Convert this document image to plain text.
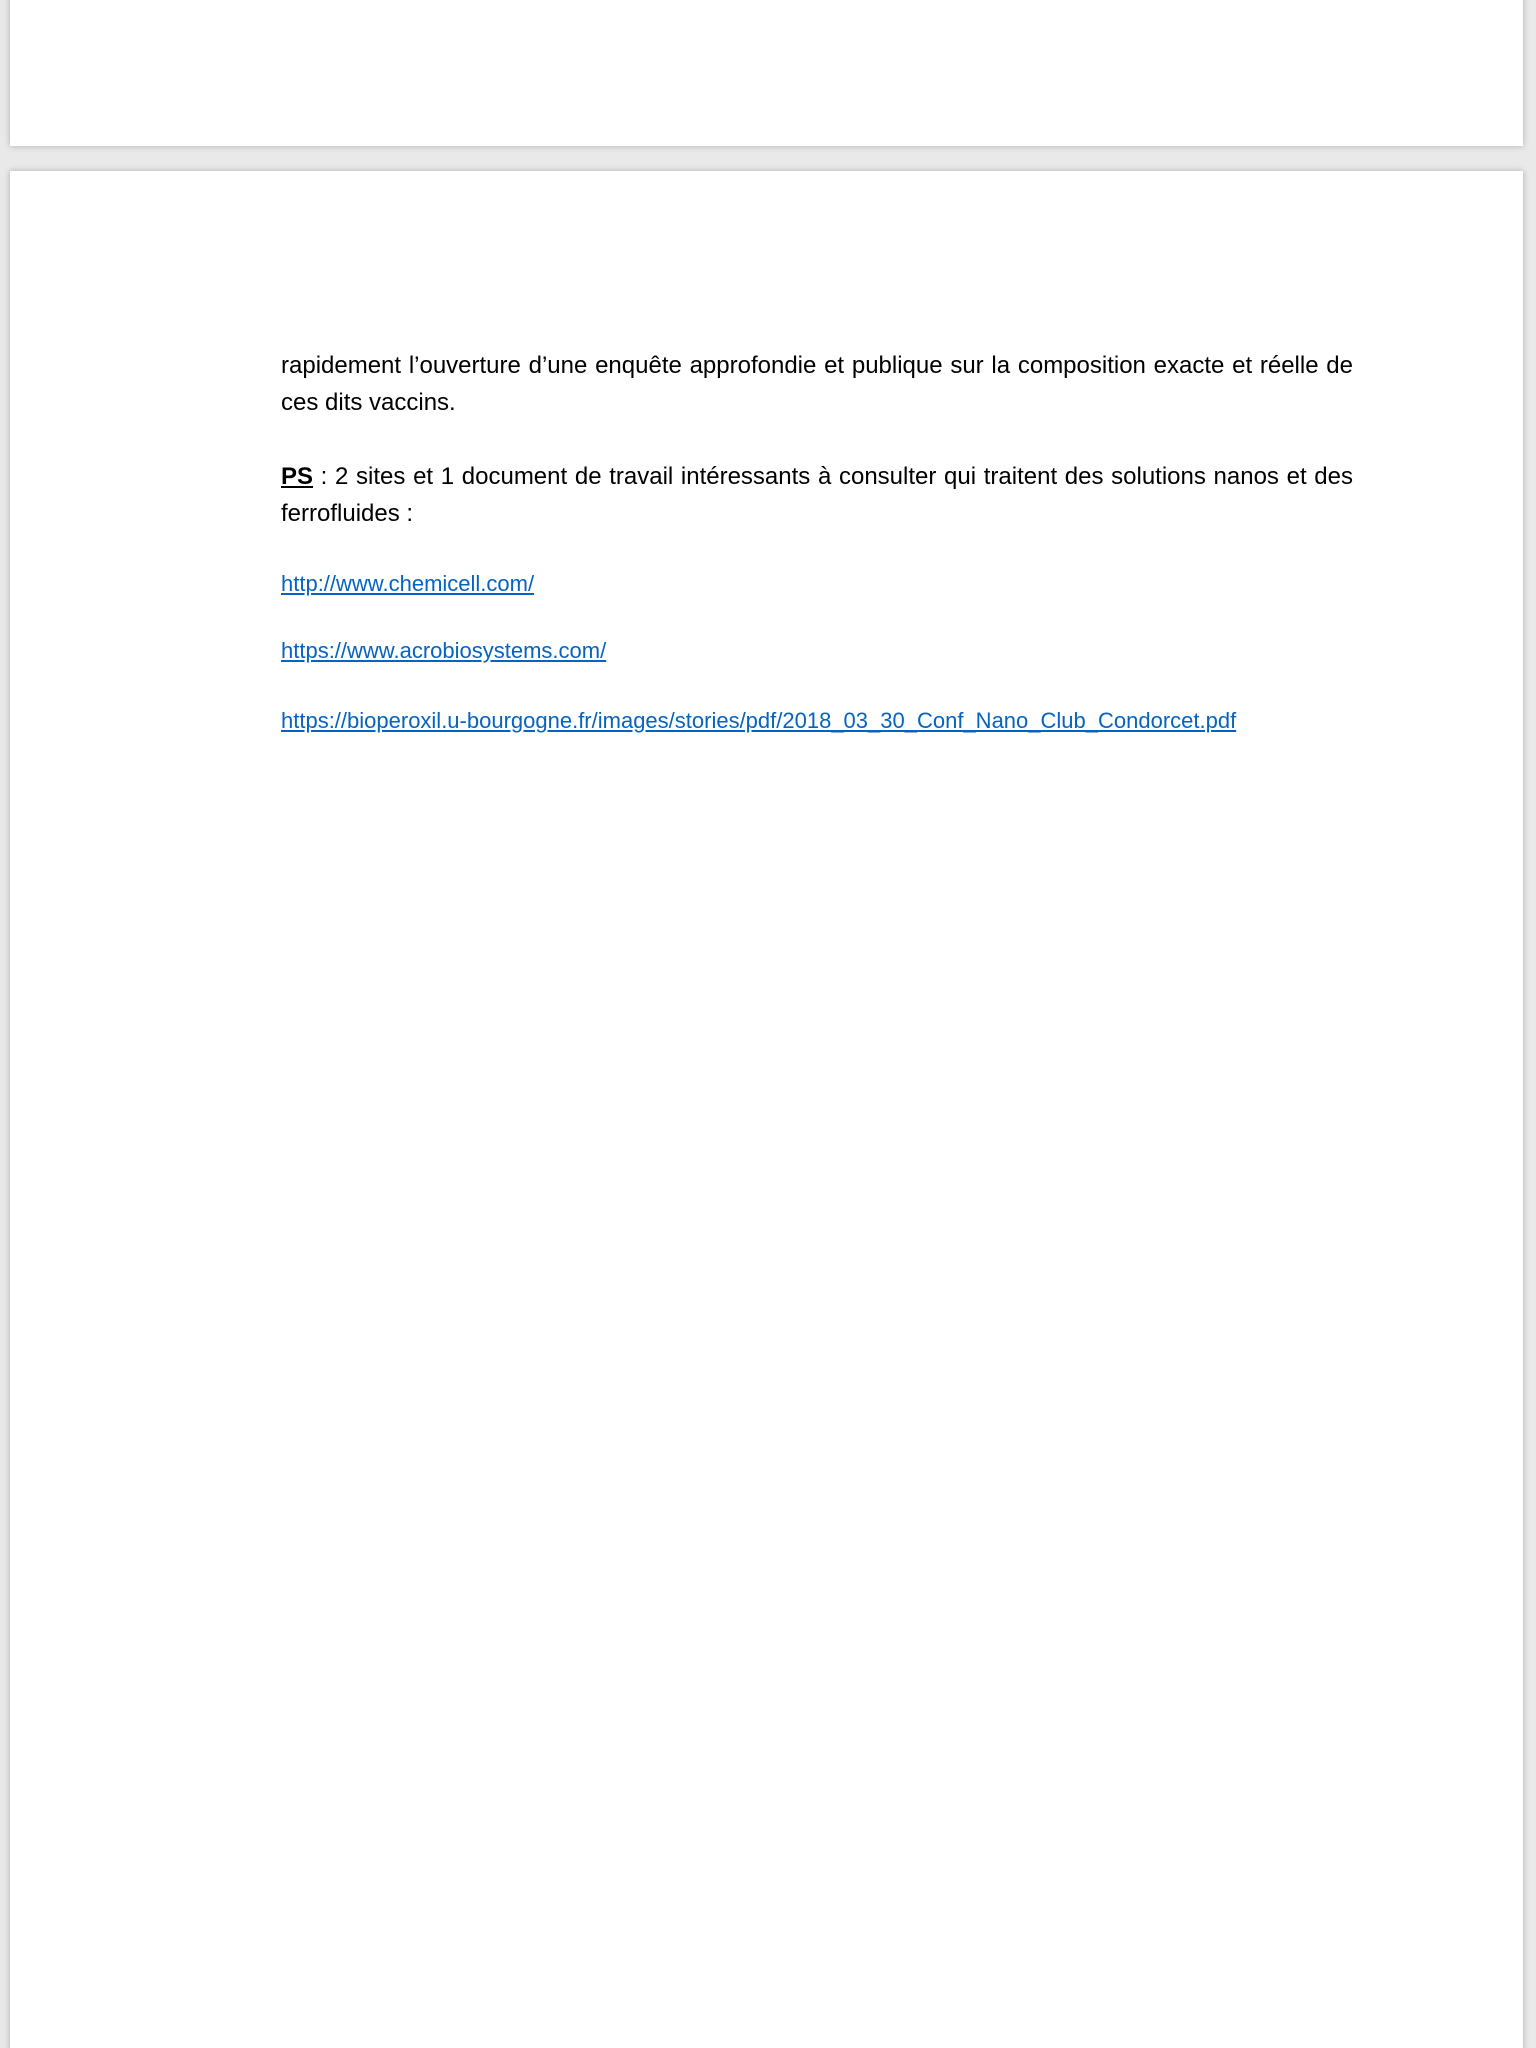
rapidement l’ouverture d’une enquête approfondie et publique sur la composition exacte et réelle de ces dits vaccins.

PS : 2 sites et 1 document de travail intéressants à consulter qui traitent des solutions nanos et des ferrofluides :

http://www.chemicell.com/
https://www.acrobiosystems.com/
https://bioperoxil.u-bourgogne.fr/images/stories/pdf/2018_03_30_Conf_Nano_Club_Condorcet.pdf
